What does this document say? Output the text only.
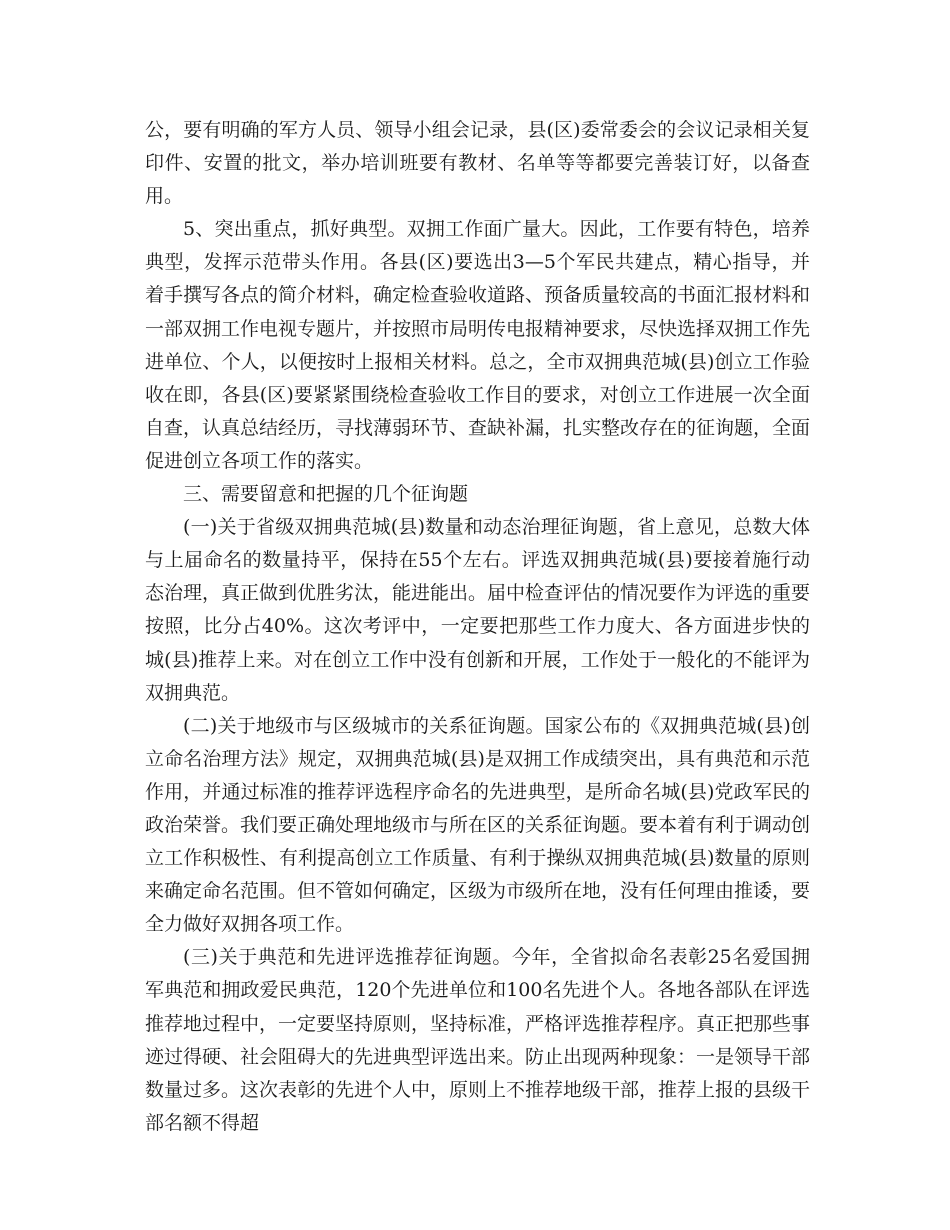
公，要有明确的军方人员、领导小组会记录，县(区)委常委会的会议记录相关复印件、安置的批文，举办培训班要有教材、名单等等都要完善装订好，以备查用。

5、突出重点，抓好典型。双拥工作面广量大。因此，工作要有特色，培养典型，发挥示范带头作用。各县(区)要选出3—5个军民共建点，精心指导，并着手撰写各点的简介材料，确定检查验收道路、预备质量较高的书面汇报材料和一部双拥工作电视专题片，并按照市局明传电报精神要求，尽快选择双拥工作先进单位、个人，以便按时上报相关材料。总之，全市双拥典范城(县)创立工作验收在即，各县(区)要紧紧围绕检查验收工作目的要求，对创立工作进展一次全面自查，认真总结经历，寻找薄弱环节、查缺补漏，扎实整改存在的征询题，全面促进创立各项工作的落实。

三、需要留意和把握的几个征询题

(一)关于省级双拥典范城(县)数量和动态治理征询题，省上意见，总数大体与上届命名的数量持平，保持在55个左右。评选双拥典范城(县)要接着施行动态治理，真正做到优胜劣汰，能进能出。届中检查评估的情况要作为评选的重要按照，比分占40%。这次考评中，一定要把那些工作力度大、各方面进步快的城(县)推荐上来。对在创立工作中没有创新和开展，工作处于一般化的不能评为双拥典范。

(二)关于地级市与区级城市的关系征询题。国家公布的《双拥典范城(县)创立命名治理方法》规定，双拥典范城(县)是双拥工作成绩突出，具有典范和示范作用，并通过标准的推荐评选程序命名的先进典型，是所命名城(县)党政军民的政治荣誉。我们要正确处理地级市与所在区的关系征询题。要本着有利于调动创立工作积极性、有利提高创立工作质量、有利于操纵双拥典范城(县)数量的原则来确定命名范围。但不管如何确定，区级为市级所在地，没有任何理由推诿，要全力做好双拥各项工作。

(三)关于典范和先进评选推荐征询题。今年，全省拟命名表彰25名爱国拥军典范和拥政爱民典范，120个先进单位和100名先进个人。各地各部队在评选推荐地过程中，一定要坚持原则，坚持标准，严格评选推荐程序。真正把那些事迹过得硬、社会阻碍大的先进典型评选出来。防止出现两种现象：一是领导干部数量过多。这次表彰的先进个人中，原则上不推荐地级干部，推荐上报的县级干部名额不得超
